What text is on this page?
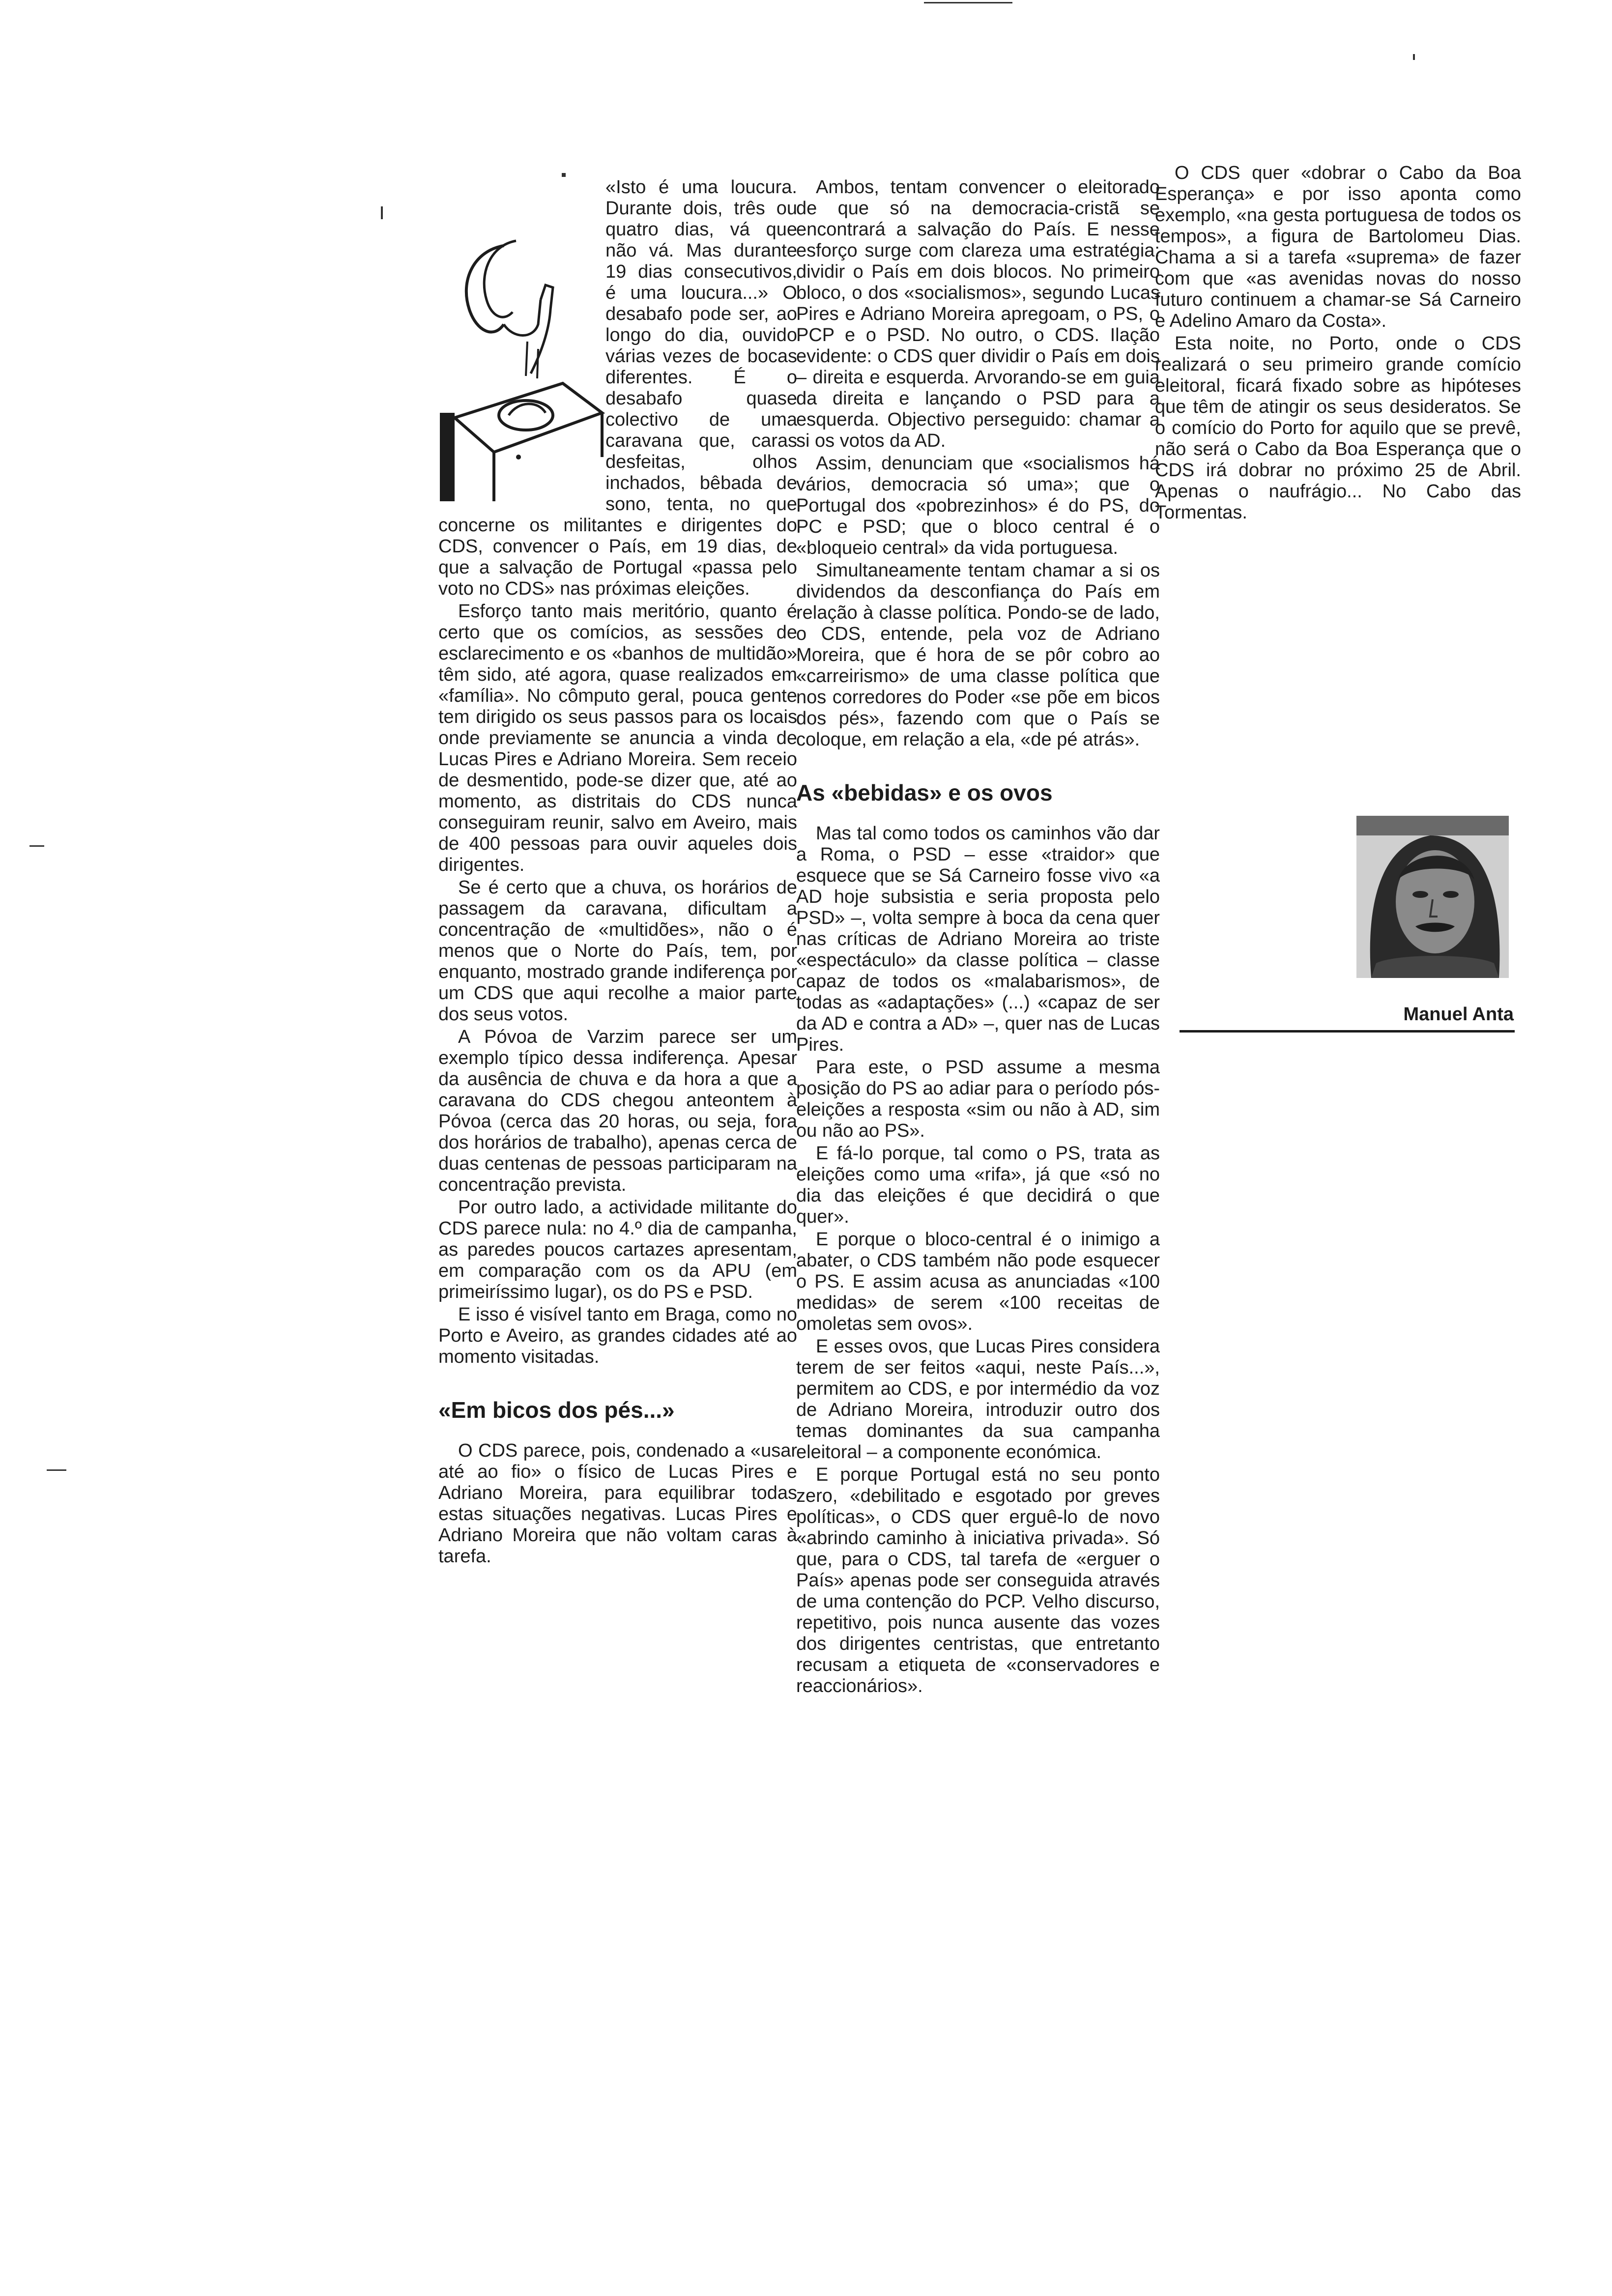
«Isto é uma loucura. Durante dois, três ou quatro dias, vá que não vá. Mas durante 19 dias consecutivos, é uma loucura...» O desabafo pode ser, ao longo do dia, ouvido várias vezes de bocas diferentes. É o desabafo quase colectivo de uma caravana que, caras desfeitas, olhos inchados, bêbada de sono, tenta, no que concerne os militantes e dirigentes do CDS, convencer o País, em 19 dias, de que a salvação de Portugal «passa pelo voto no CDS» nas próximas eleições.

Esforço tanto mais meritório, quanto é certo que os comícios, as sessões de esclarecimento e os «banhos de multidão» têm sido, até agora, quase realizados em «família». No cômputo geral, pouca gente tem dirigido os seus passos para os locais onde previamente se anuncia a vinda de Lucas Pires e Adriano Moreira. Sem receio de desmentido, pode-se dizer que, até ao momento, as distritais do CDS nunca conseguiram reunir, salvo em Aveiro, mais de 400 pessoas para ouvir aqueles dois dirigentes.

Se é certo que a chuva, os horários de passagem da caravana, dificultam a concentração de «multidões», não o é menos que o Norte do País, tem, por enquanto, mostrado grande indiferença por um CDS que aqui recolhe a maior parte dos seus votos.

A Póvoa de Varzim parece ser um exemplo típico dessa indiferença. Apesar da ausência de chuva e da hora a que a caravana do CDS chegou anteontem à Póvoa (cerca das 20 horas, ou seja, fora dos horários de trabalho), apenas cerca de duas centenas de pessoas participaram na concentração prevista.

Por outro lado, a actividade militante do CDS parece nula: no 4.º dia de campanha, as paredes poucos cartazes apresentam, em comparação com os da APU (em primeiríssimo lugar), os do PS e PSD.

E isso é visível tanto em Braga, como no Porto e Aveiro, as grandes cidades até ao momento visitadas.

«Em bicos dos pés...»

O CDS parece, pois, condenado a «usar até ao fio» o físico de Lucas Pires e Adriano Moreira, para equilibrar todas estas situações negativas. Lucas Pires e Adriano Moreira que não voltam caras à tarefa.

Ambos, tentam convencer o eleitorado de que só na democracia-cristã se encontrará a salvação do País. E nesse esforço surge com clareza uma estratégia: dividir o País em dois blocos. No primeiro bloco, o dos «socialismos», segundo Lucas Pires e Adriano Moreira apregoam, o PS, o PCP e o PSD. No outro, o CDS. Ilação evidente: o CDS quer dividir o País em dois – direita e esquerda. Arvorando-se em guia da direita e lançando o PSD para a esquerda. Objectivo perseguido: chamar a si os votos da AD.

Assim, denunciam que «socialismos há vários, democracia só uma»; que o Portugal dos «pobrezinhos» é do PS, do PC e PSD; que o bloco central é o «bloqueio central» da vida portuguesa.

Simultaneamente tentam chamar a si os dividendos da desconfiança do País em relação à classe política. Pondo-se de lado, o CDS, entende, pela voz de Adriano Moreira, que é hora de se pôr cobro ao «carreirismo» de uma classe política que nos corredores do Poder «se põe em bicos dos pés», fazendo com que o País se coloque, em relação a ela, «de pé atrás».

As «bebidas» e os ovos

Mas tal como todos os caminhos vão dar a Roma, o PSD – esse «traidor» que esquece que se Sá Carneiro fosse vivo «a AD hoje subsistia e seria proposta pelo PSD» –, volta sempre à boca da cena quer nas críticas de Adriano Moreira ao triste «espectáculo» da classe política – classe capaz de todos os «malabarismos», de todas as «adaptações» (...) «capaz de ser da AD e contra a AD» –, quer nas de Lucas Pires.

Para este, o PSD assume a mesma posição do PS ao adiar para o período pós-eleições a resposta «sim ou não à AD, sim ou não ao PS».

E fá-lo porque, tal como o PS, trata as eleições como uma «rifa», já que «só no dia das eleições é que decidirá o que quer».

E porque o bloco-central é o inimigo a abater, o CDS também não pode esquecer o PS. E assim acusa as anunciadas «100 medidas» de serem «100 receitas de omoletas sem ovos».

E esses ovos, que Lucas Pires considera terem de ser feitos «aqui, neste País...», permitem ao CDS, e por intermédio da voz de Adriano Moreira, introduzir outro dos temas dominantes da sua campanha eleitoral – a componente económica.

E porque Portugal está no seu ponto zero, «debilitado e esgotado por greves políticas», o CDS quer erguê-lo de novo «abrindo caminho à iniciativa privada». Só que, para o CDS, tal tarefa de «erguer o País» apenas pode ser conseguida através de uma contenção do PCP. Velho discurso, repetitivo, pois nunca ausente das vozes dos dirigentes centristas, que entretanto recusam a etiqueta de «conservadores e reaccionários».

O CDS quer «dobrar o Cabo da Boa Esperança» e por isso aponta como exemplo, «na gesta portuguesa de todos os tempos», a figura de Bartolomeu Dias. Chama a si a tarefa «suprema» de fazer com que «as avenidas novas do nosso futuro continuem a chamar-se Sá Carneiro e Adelino Amaro da Costa».

Esta noite, no Porto, onde o CDS realizará o seu primeiro grande comício eleitoral, ficará fixado sobre as hipóteses que têm de atingir os seus desideratos. Se o comício do Porto for aquilo que se prevê, não será o Cabo da Boa Esperança que o CDS irá dobrar no próximo 25 de Abril. Apenas o naufrágio... No Cabo das Tormentas.

Manuel Anta
